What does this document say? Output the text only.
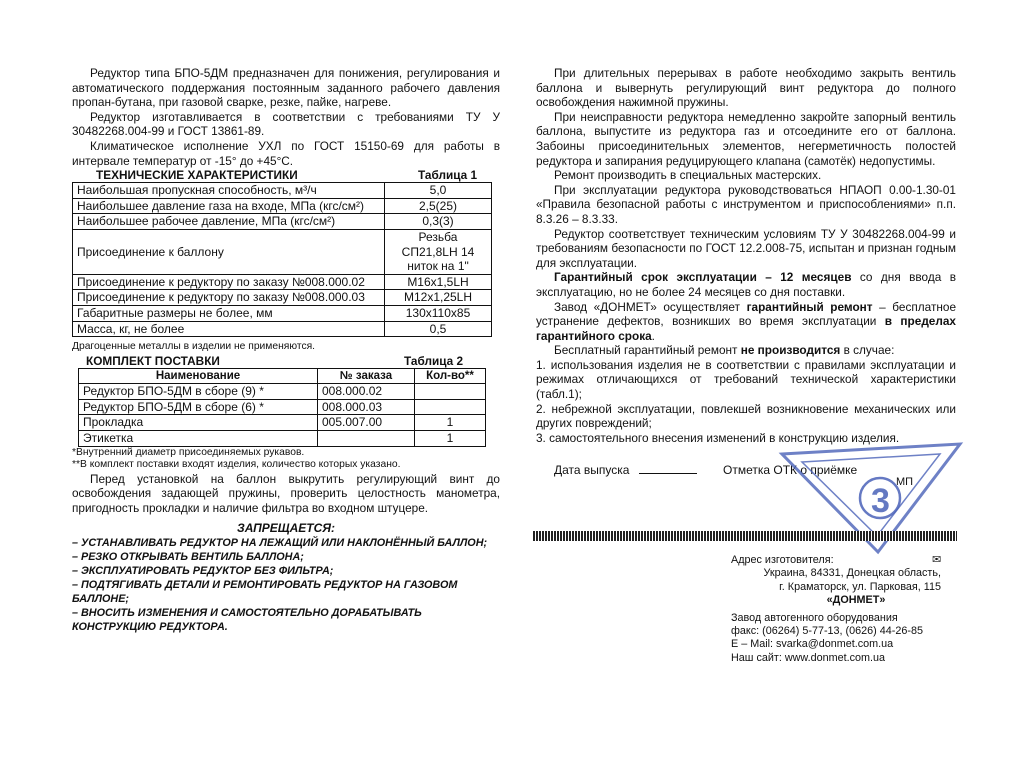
Редуктор типа БПО-5ДМ предназначен для понижения, регулирования и автоматического поддержания постоянным заданного рабочего давления пропан-бутана, при газовой сварке, резке, пайке, нагреве.

Редуктор изготавливается в соответствии с требованиями ТУ У 30482268.004-99 и ГОСТ 13861-89.

Климатическое исполнение УХЛ по ГОСТ 15150-69 для работы в интервале температур от -15° до +45°С.

ТЕХНИЧЕСКИЕ ХАРАКТЕРИСТИКИ	Таблица 1
Наибольшая пропускная способность, м³/ч	5,0
Наибольшее давление газа на входе, МПа (кгс/см²)	2,5(25)
Наибольшее рабочее давление, МПа (кгс/см²)	0,3(3)
Присоединение к баллону	Резьба СП21,8LH 14 ниток на 1"
Присоединение к редуктору по заказу №008.000.02	М16х1,5LH
Присоединение к редуктору по заказу №008.000.03	М12х1,25LH
Габаритные размеры не более, мм	130х110х85
Масса, кг, не более	0,5

Драгоценные металлы в изделии не применяются.

КОМПЛЕКТ ПОСТАВКИ	Таблица 2
Наименование	№ заказа	Кол-во**
Редуктор БПО-5ДМ в сборе (9) *	008.000.02	
Редуктор БПО-5ДМ в сборе (6) *	008.000.03	
Прокладка	005.007.00	1
Этикетка		1

*Внутренний диаметр присоединяемых рукавов.

**В комплект поставки входят изделия, количество которых указано.

Перед установкой на баллон выкрутить регулирующий винт до освобождения задающей пружины, проверить целостность манометра, пригодность прокладки и наличие фильтра во входном штуцере.

ЗАПРЕЩАЕТСЯ:
– УСТАНАВЛИВАТЬ РЕДУКТОР НА ЛЕЖАЩИЙ ИЛИ НАКЛОНЁННЫЙ БАЛЛОН;
– РЕЗКО ОТКРЫВАТЬ ВЕНТИЛЬ БАЛЛОНА;
– ЭКСПЛУАТИРОВАТЬ РЕДУКТОР БЕЗ ФИЛЬТРА;
– ПОДТЯГИВАТЬ ДЕТАЛИ И РЕМОНТИРОВАТЬ РЕДУКТОР НА ГАЗОВОМ БАЛЛОНЕ;
– ВНОСИТЬ ИЗМЕНЕНИЯ И САМОСТОЯТЕЛЬНО ДОРАБАТЫВАТЬ КОНСТРУКЦИЮ РЕДУКТОРА.

При длительных перерывах в работе необходимо закрыть вентиль баллона и вывернуть регулирующий винт редуктора до полного освобождения нажимной пружины.

При неисправности редуктора немедленно закройте запорный вентиль баллона, выпустите из редуктора газ и отсоедините его от баллона. Забоины присоединительных элементов, негерметичность полостей редуктора и запирания редуцирующего клапана (самотёк) недопустимы.

Ремонт производить в специальных мастерских.

При эксплуатации редуктора руководствоваться НПАОП 0.00-1.30-01 «Правила безопасной работы с инструментом и приспособлениями» п.п. 8.3.26 – 8.3.33.

Редуктор соответствует техническим условиям ТУ У 30482268.004-99 и требованиям безопасности по ГОСТ 12.2.008-75, испытан и признан годным для эксплуатации.

Гарантийный срок эксплуатации – 12 месяцев со дня ввода в эксплуатацию, но не более 24 месяцев со дня поставки.

Завод «ДОНМЕТ» осуществляет гарантийный ремонт – бесплатное устранение дефектов, возникших во время эксплуатации в пределах гарантийного срока.

Бесплатный гарантийный ремонт не производится в случае:

1. использования изделия не в соответствии с правилами эксплуатации и режимах отличающихся от требований технической характеристики (табл.1);

2. небрежной эксплуатации, повлекшей возникновение механических или других повреждений;

3. самостоятельного внесения изменений в конструкцию изделия.

Дата выпуска	Отметка ОТК о приёмке
МП
3
Адрес изготовителя:	✉
Украина, 84331, Донецкая область,
г. Краматорск, ул. Парковая, 115
«ДОНМЕТ»
Завод автогенного оборудования
факс: (06264) 5-77-13, (0626) 44-26-85
E – Mail: svarka@donmet.com.ua
Наш сайт: www.donmet.com.ua
